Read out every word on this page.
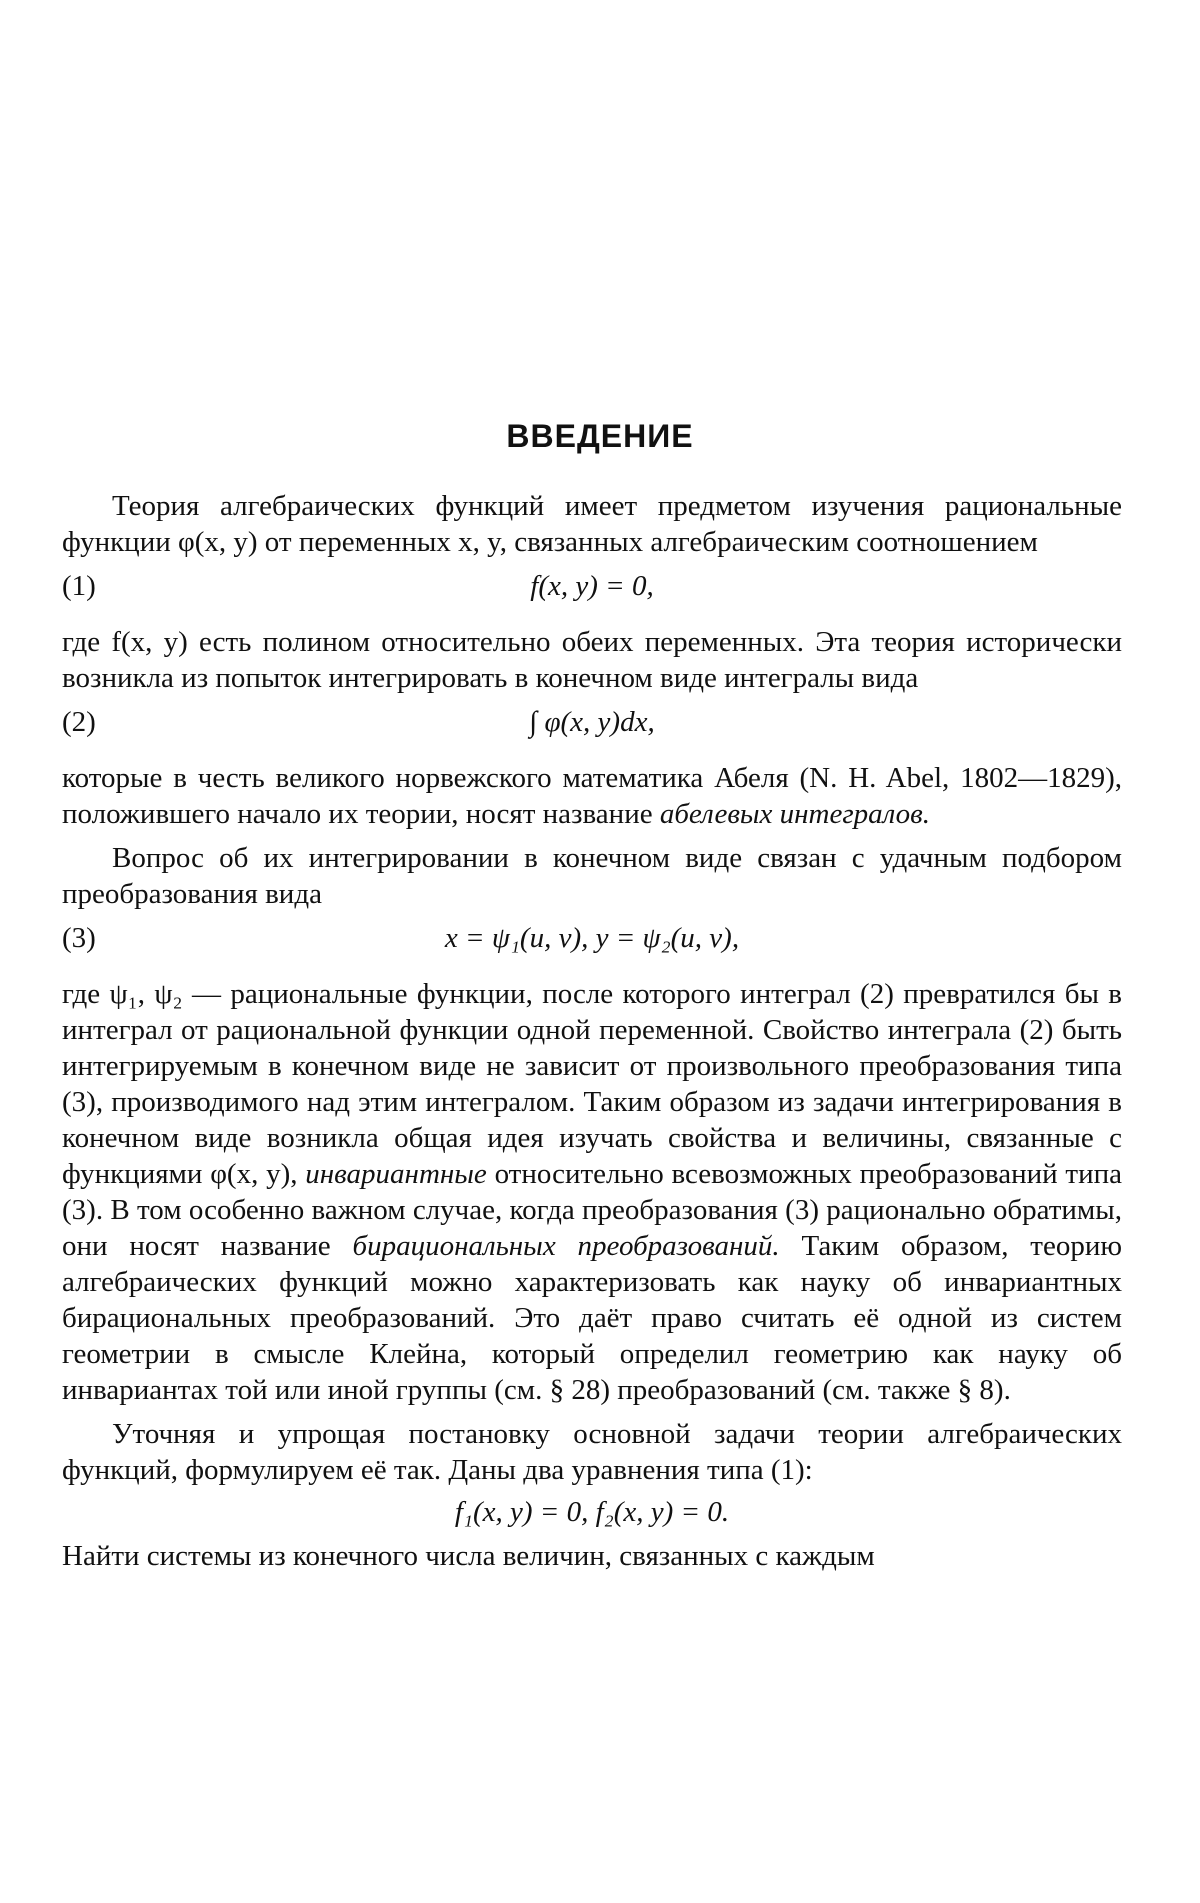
ВВЕДЕНИЕ

Теория алгебраических функций имеет предметом изучения рациональные функции φ(x, y) от переменных x, y, связанных алгебраическим соотношением

(1)	f(x, y) = 0,

где f(x, y) есть полином относительно обеих переменных. Эта теория исторически возникла из попыток интегрировать в конечном виде интегралы вида

(2)	∫ φ(x, y)dx,

которые в честь великого норвежского математика Абеля (N. H. Abel, 1802—1829), положившего начало их теории, носят название абелевых интегралов.

Вопрос об их интегрировании в конечном виде связан с удачным подбором преобразования вида

(3)	x = ψ₁(u, v), y = ψ₂(u, v),

где ψ₁, ψ₂ — рациональные функции, после которого интеграл (2) превратился бы в интеграл от рациональной функции одной переменной. Свойство интеграла (2) быть интегрируемым в конечном виде не зависит от произвольного преобразования типа (3), производимого над этим интегралом. Таким образом из задачи интегрирования в конечном виде возникла общая идея изучать свойства и величины, связанные с функциями φ(x, y), инвариантные относительно всевозможных преобразований типа (3). В том особенно важном случае, когда преобразования (3) рационально обратимы, они носят название бирациональных преобразований. Таким образом, теорию алгебраических функций можно характеризовать как науку об инвариантных бирациональных преобразований. Это даёт право считать её одной из систем геометрии в смысле Клейна, который определил геометрию как науку об инвариантах той или иной группы (см. § 28) преобразований (см. также § 8).

Уточняя и упрощая постановку основной задачи теории алгебраических функций, формулируем её так. Даны два уравнения типа (1):

f₁(x, y) = 0, f₂(x, y) = 0.

Найти системы из конечного числа величин, связанных с каждым
